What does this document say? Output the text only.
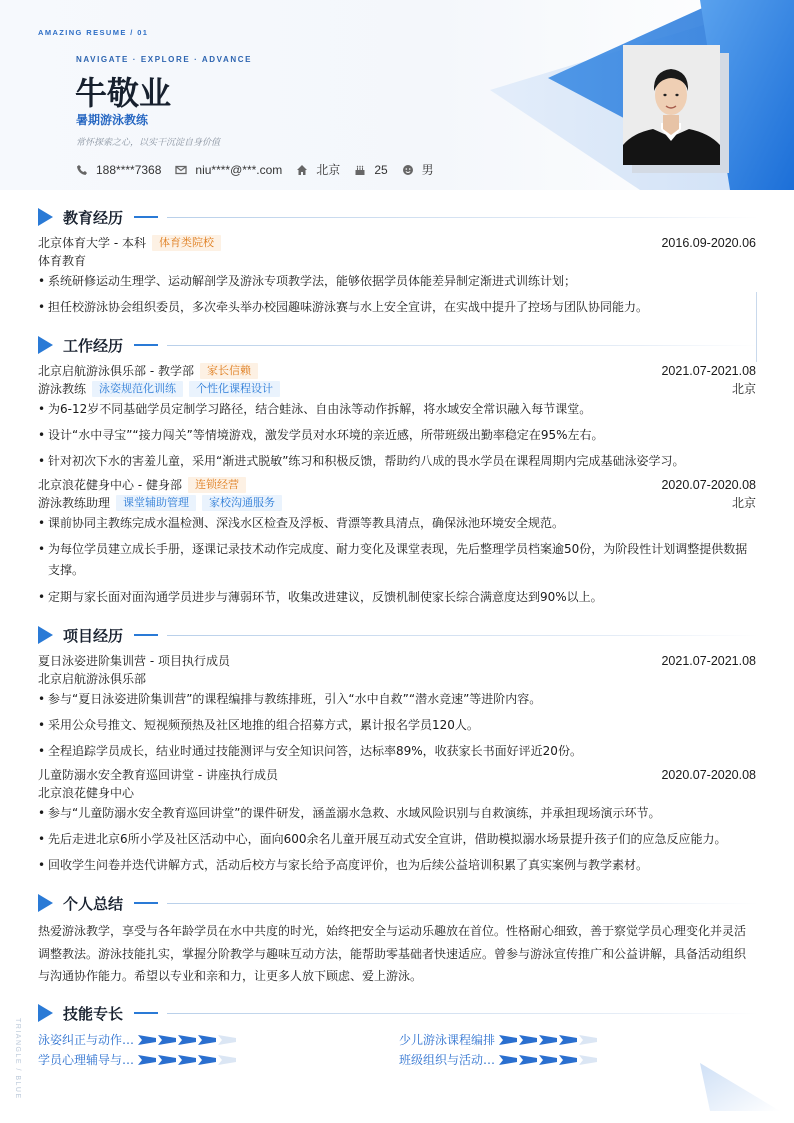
AMAZING RESUME / 01
NAVIGATE · EXPLORE · ADVANCE
牛敬业
暑期游泳教练
常怀探索之心，以实干沉淀自身价值
188****7368	niu****@***.com	北京	25	男
教育经历
北京体育大学 - 本科	体育类院校	2016.09-2020.06
体育教育
• 系统研修运动生理学、运动解剖学及游泳专项教学法，能够依据学员体能差异制定渐进式训练计划；
• 担任校游泳协会组织委员，多次牵头举办校园趣味游泳赛与水上安全宣讲，在实战中提升了控场与团队协同能力。
工作经历
北京启航游泳俱乐部 - 教学部	家长信赖	2021.07-2021.08
游泳教练	泳姿规范化训练	个性化课程设计	北京
• 为6-12岁不同基础学员定制学习路径，结合蛙泳、自由泳等动作拆解，将水域安全常识融入每节课堂。
• 设计“水中寻宝”“接力闯关”等情境游戏，激发学员对水环境的亲近感，所带班级出勤率稳定在95%左右。
• 针对初次下水的害羞儿童，采用“渐进式脱敏”练习和积极反馈，帮助约八成的畏水学员在课程周期内完成基础泳姿学习。
北京浪花健身中心 - 健身部	连锁经营	2020.07-2020.08
游泳教练助理	课堂辅助管理	家校沟通服务	北京
• 课前协同主教练完成水温检测、深浅水区检查及浮板、背漂等教具清点，确保泳池环境安全规范。
• 为每位学员建立成长手册，逐课记录技术动作完成度、耐力变化及课堂表现，先后整理学员档案逾50份，为阶段性计划调整提供数据支撑。
• 定期与家长面对面沟通学员进步与薄弱环节，收集改进建议，反馈机制使家长综合满意度达到90%以上。
项目经历
夏日泳姿进阶集训营 - 项目执行成员	2021.07-2021.08
北京启航游泳俱乐部
• 参与“夏日泳姿进阶集训营”的课程编排与教练排班，引入“水中自救”“潜水竞速”等进阶内容。
• 采用公众号推文、短视频预热及社区地推的组合招募方式，累计报名学员120人。
• 全程追踪学员成长，结业时通过技能测评与安全知识问答，达标率89%，收获家长书面好评近20份。
儿童防溺水安全教育巡回讲堂 - 讲座执行成员	2020.07-2020.08
北京浪花健身中心
• 参与“儿童防溺水安全教育巡回讲堂”的课件研发，涵盖溺水急救、水域风险识别与自救演练，并承担现场演示环节。
• 先后走进北京6所小学及社区活动中心，面向600余名儿童开展互动式安全宣讲，借助模拟溺水场景提升孩子们的应急反应能力。
• 回收学生问卷并迭代讲解方式，活动后校方与家长给予高度评价，也为后续公益培训积累了真实案例与教学素材。
个人总结
热爱游泳教学，享受与各年龄学员在水中共度的时光，始终把安全与运动乐趣放在首位。性格耐心细致，善于察觉学员心理变化并灵活调整教法。游泳技能扎实，掌握分阶教学与趣味互动方法，能帮助零基础者快速适应。曾参与游泳宣传推广和公益讲解，具备活动组织与沟通协作能力。希望以专业和亲和力，让更多人放下顾虑、爱上游泳。
技能专长
泳姿纠正与动作…	少儿游泳课程编排
学员心理辅导与…	班级组织与活动…
TRIANGLE / BLUE
